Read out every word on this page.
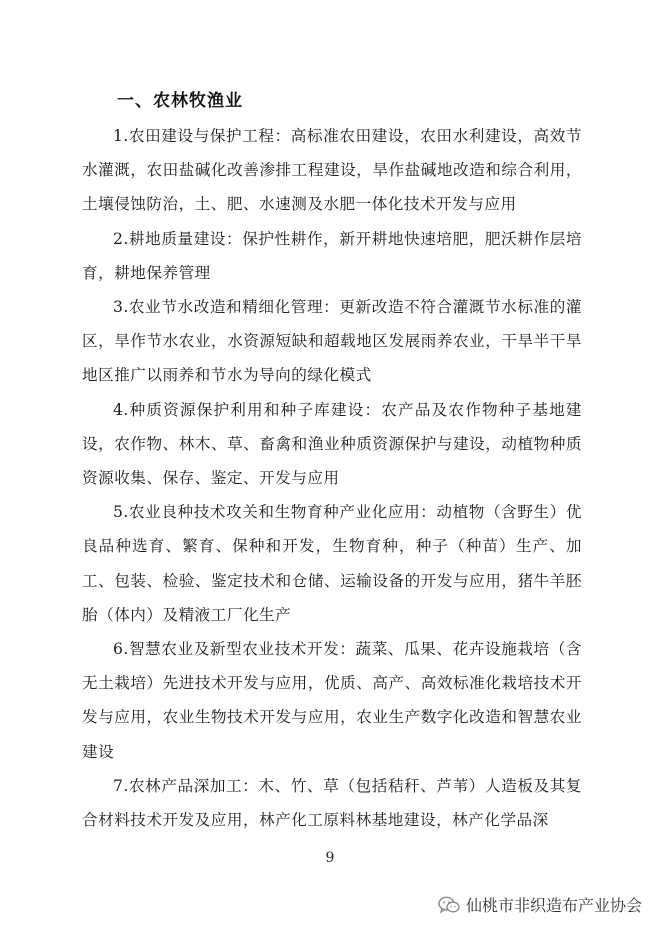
一、农林牧渔业

1.农田建设与保护工程：高标准农田建设，农田水利建设，高效节水灌溉，农田盐碱化改善渗排工程建设，旱作盐碱地改造和综合利用，土壤侵蚀防治，土、肥、水速测及水肥一体化技术开发与应用

2.耕地质量建设：保护性耕作，新开耕地快速培肥，肥沃耕作层培育，耕地保养管理

3.农业节水改造和精细化管理：更新改造不符合灌溉节水标准的灌区，旱作节水农业，水资源短缺和超载地区发展雨养农业，干旱半干旱地区推广以雨养和节水为导向的绿化模式

4.种质资源保护利用和种子库建设：农产品及农作物种子基地建设，农作物、林木、草、畜禽和渔业种质资源保护与建设，动植物种质资源收集、保存、鉴定、开发与应用

5.农业良种技术攻关和生物育种产业化应用：动植物（含野生）优良品种选育、繁育、保种和开发，生物育种，种子（种苗）生产、加工、包装、检验、鉴定技术和仓储、运输设备的开发与应用，猪牛羊胚胎（体内）及精液工厂化生产

6.智慧农业及新型农业技术开发：蔬菜、瓜果、花卉设施栽培（含无土栽培）先进技术开发与应用，优质、高产、高效标准化栽培技术开发与应用，农业生物技术开发与应用，农业生产数字化改造和智慧农业建设

7.农林产品深加工：木、竹、草（包括秸秆、芦苇）人造板及其复合材料技术开发及应用，林产化工原料林基地建设，林产化学品深

9
仙桃市非织造布产业协会
